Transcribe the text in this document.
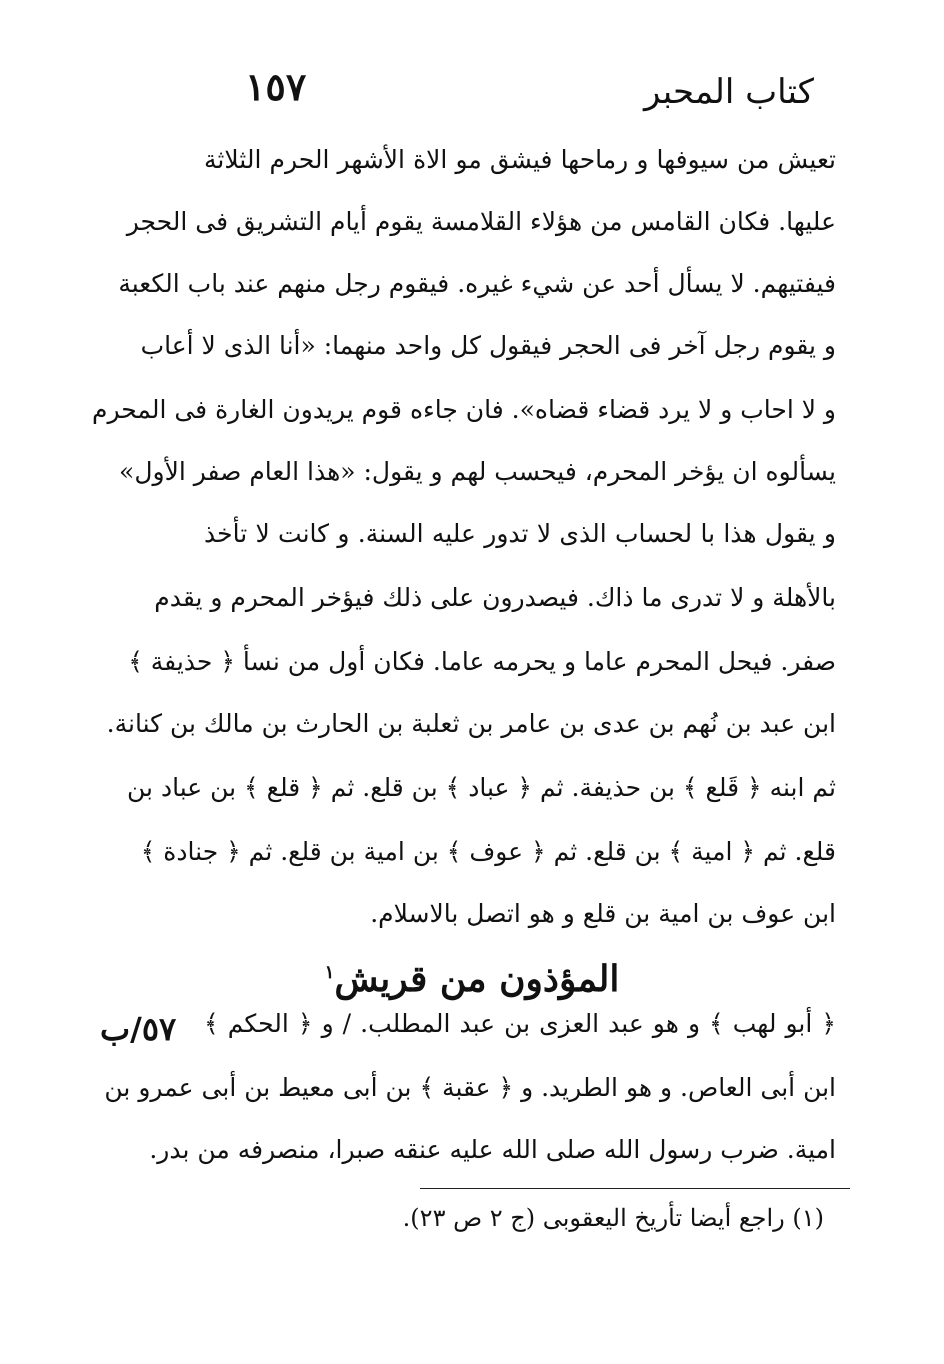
١٥٧	كتاب المحبر
تعيش من سيوفها و رماحها فيشق مو الاة الأشهر الحرم الثلاثة
عليها. فكان القامس من هؤلاء القلامسة يقوم أيام التشريق فى الحجر
فيفتيهم. لا يسأل أحد عن شيء غيره. فيقوم رجل منهم عند باب الكعبة
و يقوم رجل آخر فى الحجر فيقول كل واحد منهما: «أنا الذى لا أعاب
و لا احاب و لا يرد قضاء قضاه». فان جاءه قوم يريدون الغارة فى المحرم
يسألوه ان يؤخر المحرم، فيحسب لهم و يقول: «هذا العام صفر الأول»
و يقول هذا با لحساب الذى لا تدور عليه السنة. و كانت لا تأخذ
بالأهلة و لا تدرى ما ذاك. فيصدرون على ذلك فيؤخر المحرم و يقدم
صفر. فيحل المحرم عاما و يحرمه عاما. فكان أول من نسأ ﴿ حذيفة ﴾
ابن عبد بن نُهم بن عدى بن عامر بن ثعلبة بن الحارث بن مالك بن كنانة.
ثم ابنه ﴿ قَلع ﴾ بن حذيفة. ثم ﴿ عباد ﴾ بن قلع. ثم ﴿ قلع ﴾ بن عباد بن
قلع. ثم ﴿ امية ﴾ بن قلع. ثم ﴿ عوف ﴾ بن امية بن قلع. ثم ﴿ جنادة ﴾
ابن عوف بن امية بن قلع و هو اتصل بالاسلام.
المؤذون من قريش$^١$
٥٧/ب ﴿ أبو لهب ﴾ و هو عبد العزى بن عبد المطلب. / و ﴿ الحكم ﴾
ابن أبى العاص. و هو الطريد. و ﴿ عقبة ﴾ بن أبى معيط بن أبى عمرو بن
امية. ضرب رسول الله صلى الله عليه عنقه صبرا، منصرفه من بدر.
(١) راجع أيضا تأريخ اليعقوبى (ج ٢ ص ٢٣).
